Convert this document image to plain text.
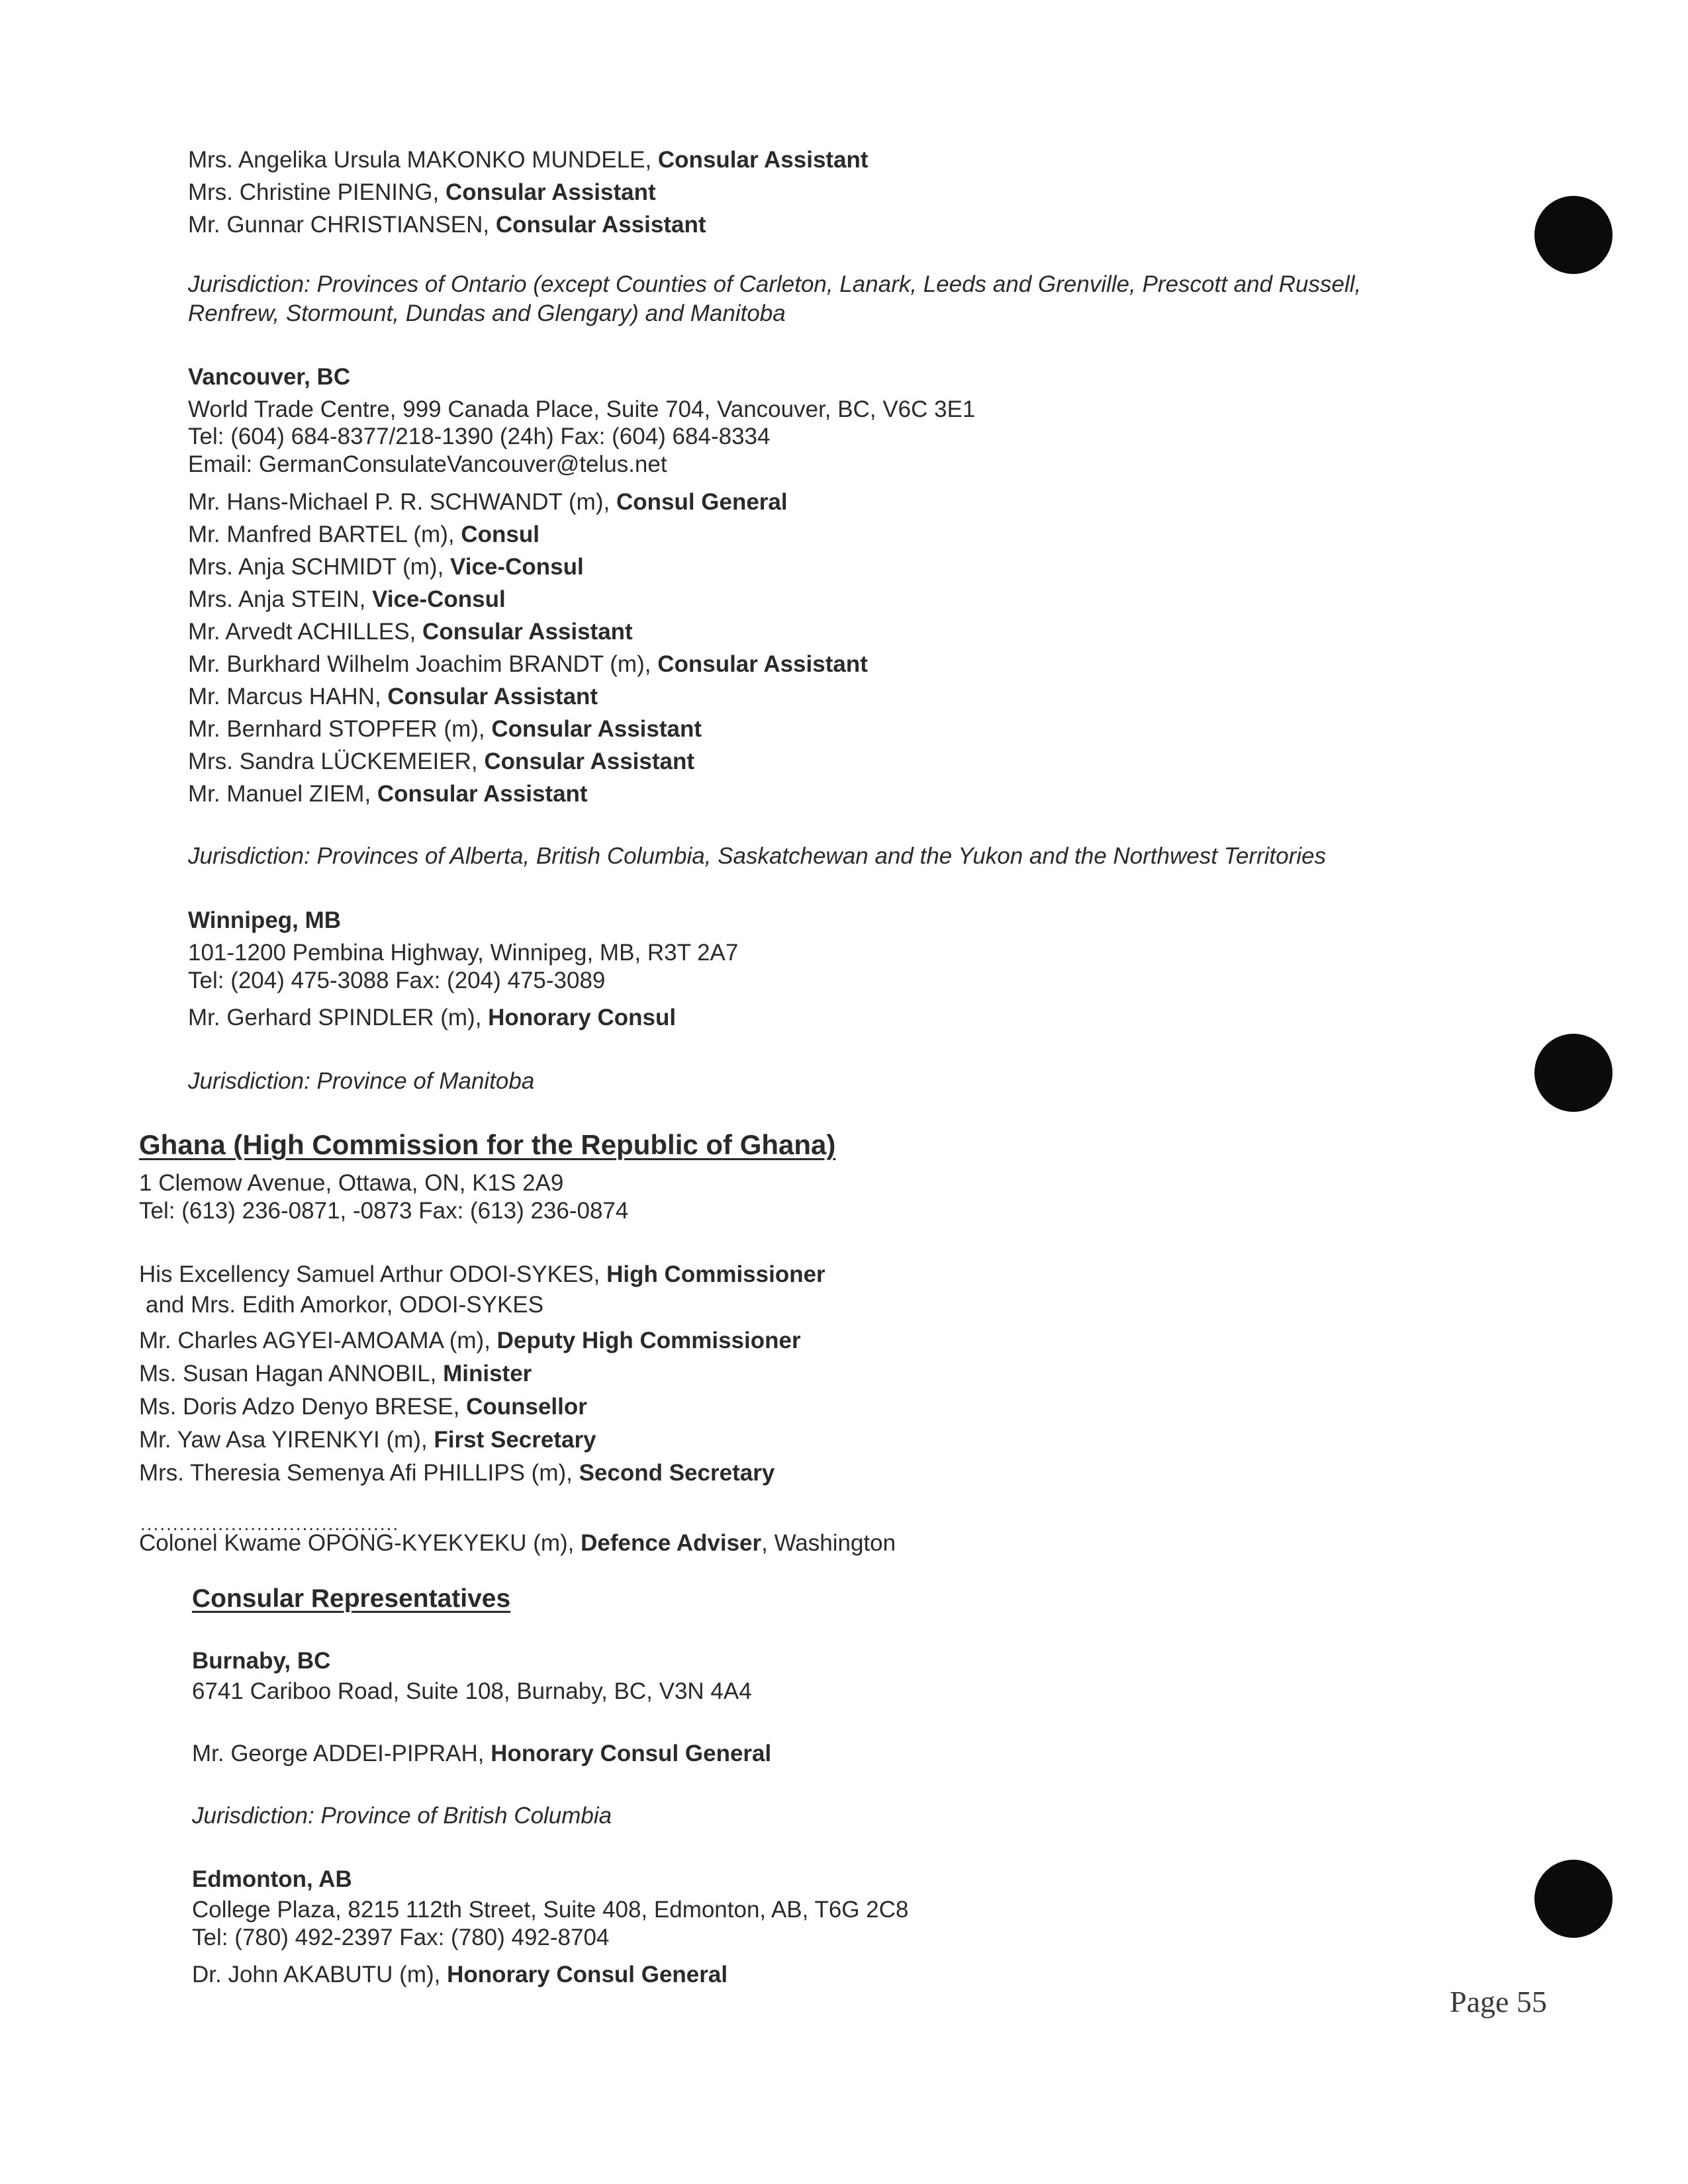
Mrs. Angelika Ursula MAKONKO MUNDELE, Consular Assistant
Mrs. Christine PIENING, Consular Assistant
Mr. Gunnar CHRISTIANSEN, Consular Assistant
Jurisdiction: Provinces of Ontario (except Counties of Carleton, Lanark, Leeds and Grenville, Prescott and Russell,
Renfrew, Stormount, Dundas and Glengary) and Manitoba
Vancouver, BC
World Trade Centre, 999 Canada Place, Suite 704, Vancouver, BC, V6C 3E1
Tel: (604) 684-8377/218-1390 (24h) Fax: (604) 684-8334
Email: GermanConsulateVancouver@telus.net
Mr. Hans-Michael P. R. SCHWANDT (m), Consul General
Mr. Manfred BARTEL (m), Consul
Mrs. Anja SCHMIDT (m), Vice-Consul
Mrs. Anja STEIN, Vice-Consul
Mr. Arvedt ACHILLES, Consular Assistant
Mr. Burkhard Wilhelm Joachim BRANDT (m), Consular Assistant
Mr. Marcus HAHN, Consular Assistant
Mr. Bernhard STOPFER (m), Consular Assistant
Mrs. Sandra LÜCKEMEIER, Consular Assistant
Mr. Manuel ZIEM, Consular Assistant
Jurisdiction: Provinces of Alberta, British Columbia, Saskatchewan and the Yukon and the Northwest Territories
Winnipeg, MB
101-1200 Pembina Highway, Winnipeg, MB, R3T 2A7
Tel: (204) 475-3088 Fax: (204) 475-3089
Mr. Gerhard SPINDLER (m), Honorary Consul
Jurisdiction: Province of Manitoba
Ghana (High Commission for the Republic of Ghana)
1 Clemow Avenue, Ottawa, ON, K1S 2A9
Tel: (613) 236-0871, -0873 Fax: (613) 236-0874
His Excellency Samuel Arthur ODOI-SYKES, High Commissioner
and Mrs. Edith Amorkor, ODOI-SYKES
Mr. Charles AGYEI-AMOAMA (m), Deputy High Commissioner
Ms. Susan Hagan ANNOBIL, Minister
Ms. Doris Adzo Denyo BRESE, Counsellor
Mr. Yaw Asa YIRENKYI (m), First Secretary
Mrs. Theresia Semenya Afi PHILLIPS (m), Second Secretary
........................................
Colonel Kwame OPONG-KYEKYEKU (m), Defence Adviser, Washington
Consular Representatives
Burnaby, BC
6741 Cariboo Road, Suite 108, Burnaby, BC, V3N 4A4
Mr. George ADDEI-PIPRAH, Honorary Consul General
Jurisdiction: Province of British Columbia
Edmonton, AB
College Plaza, 8215 112th Street, Suite 408, Edmonton, AB, T6G 2C8
Tel: (780) 492-2397 Fax: (780) 492-8704
Dr. John AKABUTU (m), Honorary Consul General
Page 55
